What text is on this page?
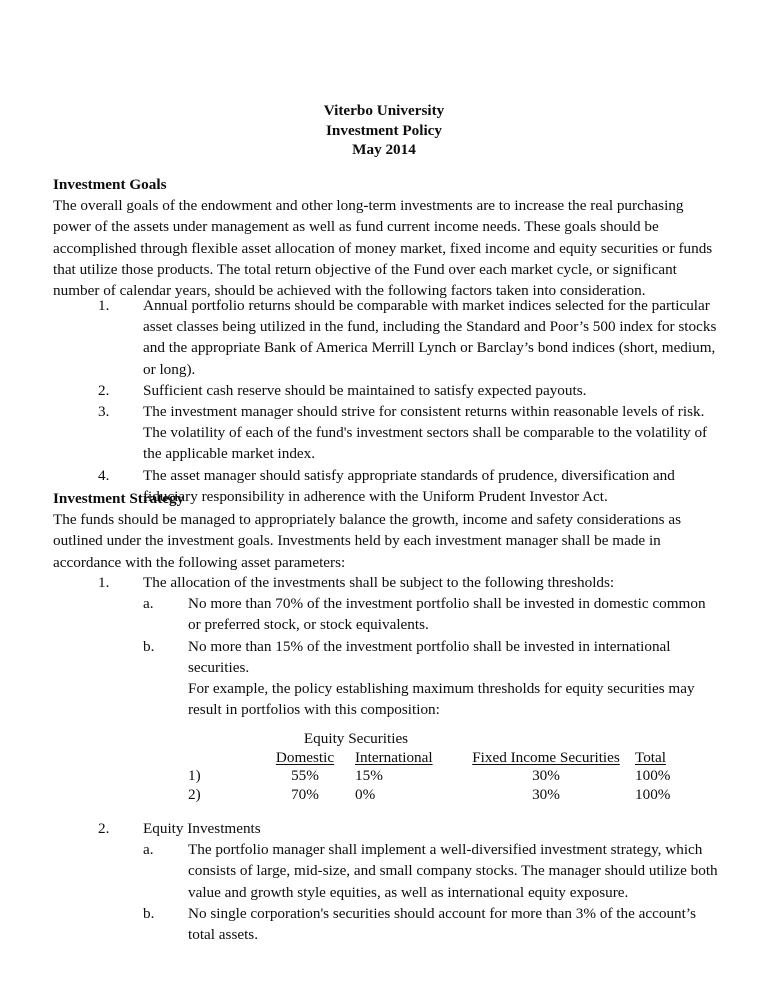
Viterbo University
Investment Policy
May 2014
Investment Goals
The overall goals of the endowment and other long-term investments are to increase the real purchasing power of the assets under management as well as fund current income needs. These goals should be accomplished through flexible asset allocation of money market, fixed income and equity securities or funds that utilize those products. The total return objective of the Fund over each market cycle, or significant number of calendar years, should be achieved with the following factors taken into consideration.
1.	Annual portfolio returns should be comparable with market indices selected for the particular asset classes being utilized in the fund, including the Standard and Poor’s 500 index for stocks and the appropriate Bank of America Merrill Lynch or Barclay’s bond indices (short, medium, or long).
2.	Sufficient cash reserve should be maintained to satisfy expected payouts.
3.	The investment manager should strive for consistent returns within reasonable levels of risk. The volatility of each of the fund's investment sectors shall be comparable to the volatility of the applicable market index.
4.	The asset manager should satisfy appropriate standards of prudence, diversification and fiduciary responsibility in adherence with the Uniform Prudent Investor Act.
Investment Strategy
The funds should be managed to appropriately balance the growth, income and safety considerations as outlined under the investment goals. Investments held by each investment manager shall be made in accordance with the following asset parameters:
1.	The allocation of the investments shall be subject to the following thresholds:
a.	No more than 70% of the investment portfolio shall be invested in domestic common or preferred stock, or stock equivalents.
b.	No more than 15% of the investment portfolio shall be invested in international securities.
For example, the policy establishing maximum thresholds for equity securities may result in portfolios with this composition:
	Equity Securities			
	Domestic	International	Fixed Income Securities	Total
1)	55%	15%	30%	100%
2)	70%	0%	30%	100%
2.	Equity Investments
a.	The portfolio manager shall implement a well-diversified investment strategy, which consists of large, mid-size, and small company stocks. The manager should utilize both value and growth style equities, as well as international equity exposure.
b.	No single corporation's securities should account for more than 3% of the account’s total assets.
